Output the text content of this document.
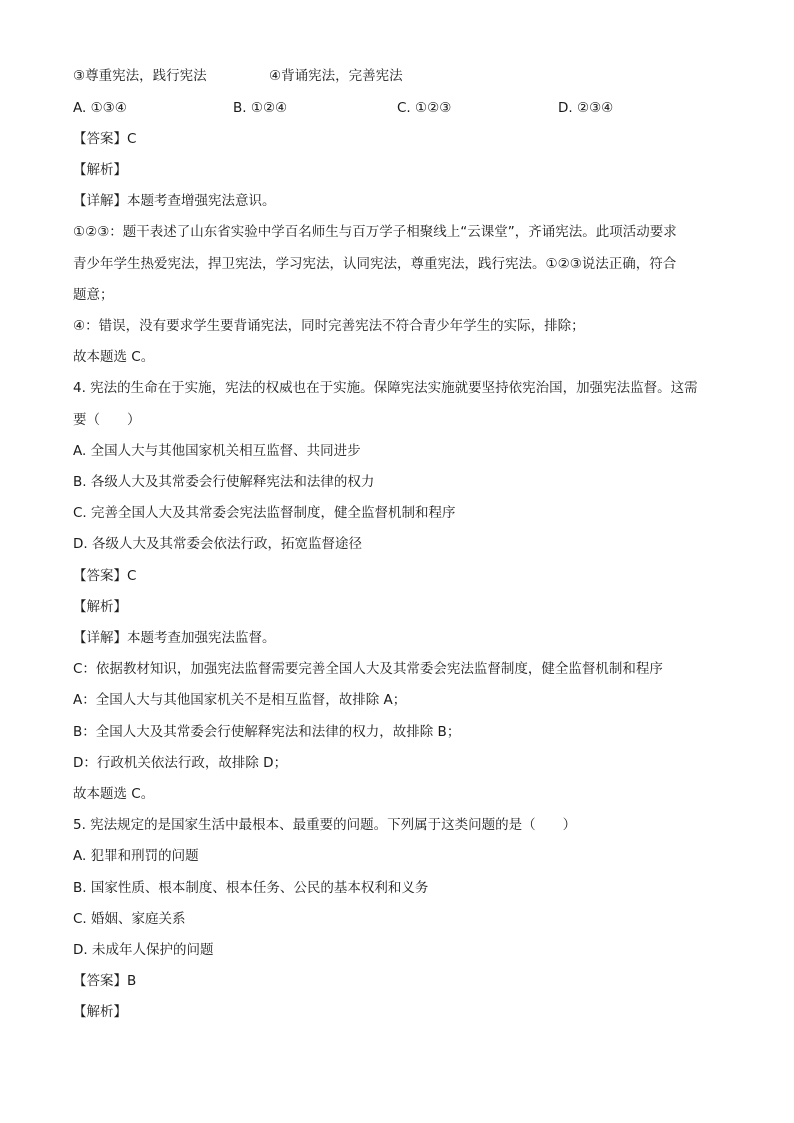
③尊重宪法，践行宪法	④背诵宪法，完善宪法
A. ①③④	B. ①②④	C. ①②③	D. ②③④
【答案】C
【解析】
【详解】本题考查增强宪法意识。
①②③：题干表述了山东省实验中学百名师生与百万学子相聚线上“云课堂”，齐诵宪法。此项活动要求
青少年学生热爱宪法，捍卫宪法，学习宪法，认同宪法，尊重宪法，践行宪法。①②③说法正确，符合
题意；
④：错误，没有要求学生要背诵宪法，同时完善宪法不符合青少年学生的实际，排除；
故本题选 C。
4. 宪法的生命在于实施，宪法的权威也在于实施。保障宪法实施就要坚持依宪治国，加强宪法监督。这需
要（　　）
A. 全国人大与其他国家机关相互监督、共同进步
B. 各级人大及其常委会行使解释宪法和法律的权力
C. 完善全国人大及其常委会宪法监督制度，健全监督机制和程序
D. 各级人大及其常委会依法行政，拓宽监督途径
【答案】C
【解析】
【详解】本题考查加强宪法监督。
C：依据教材知识，加强宪法监督需要完善全国人大及其常委会宪法监督制度，健全监督机制和程序
A：全国人大与其他国家机关不是相互监督，故排除 A；
B：全国人大及其常委会行使解释宪法和法律的权力，故排除 B；
D：行政机关依法行政，故排除 D；
故本题选 C。
5. 宪法规定的是国家生活中最根本、最重要的问题。下列属于这类问题的是（　　）
A. 犯罪和刑罚的问题
B. 国家性质、根本制度、根本任务、公民的基本权利和义务
C. 婚姻、家庭关系
D. 未成年人保护的问题
【答案】B
【解析】
